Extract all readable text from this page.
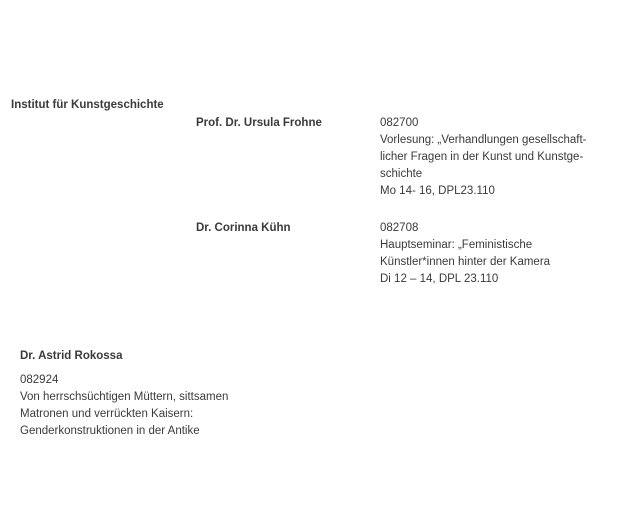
Institut für Kunstgeschichte
Prof. Dr. Ursula Frohne	082700
Vorlesung: „Verhandlungen gesellschaft-
licher Fragen in der Kunst und Kunstge-
schichte
Mo 14- 16, DPL23.110
Dr. Corinna Kühn	082708
Hauptseminar: „Feministische
Künstler*innen hinter der Kamera
Di 12 – 14, DPL 23.110
Dr. Astrid Rokossa
082924
Von herrschsüchtigen Müttern, sittsamen
Matronen und verrückten Kaisern:
Genderkonstruktionen in der Antike
